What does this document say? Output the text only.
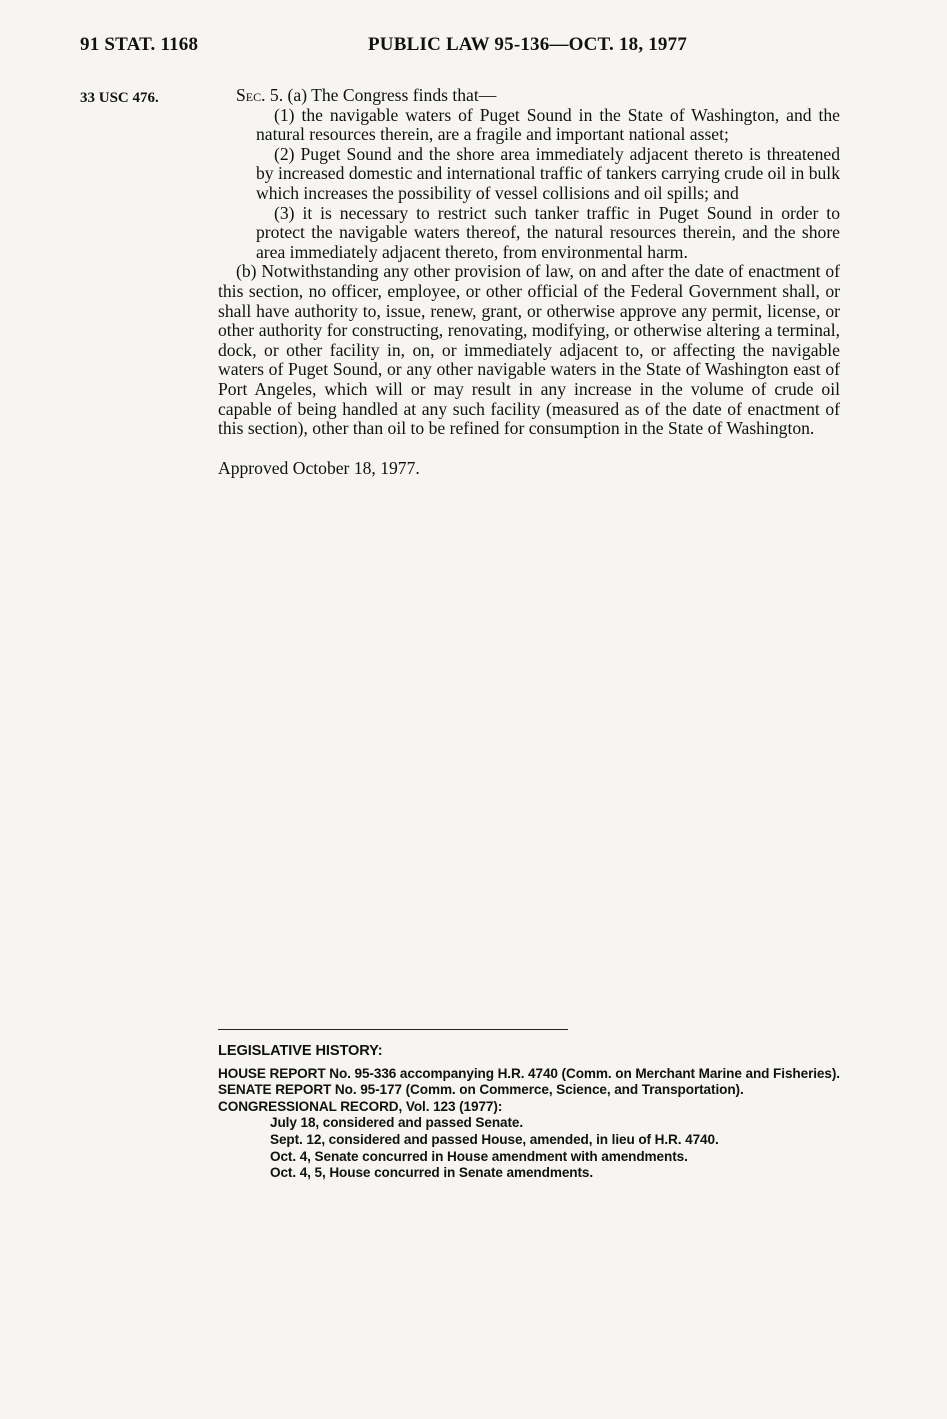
91 STAT. 1168	PUBLIC LAW 95-136—OCT. 18, 1977
33 USC 476.	Sec. 5. (a) The Congress finds that—

(1) the navigable waters of Puget Sound in the State of Washington, and the natural resources therein, are a fragile and important national asset;

(2) Puget Sound and the shore area immediately adjacent thereto is threatened by increased domestic and international traffic of tankers carrying crude oil in bulk which increases the possibility of vessel collisions and oil spills; and

(3) it is necessary to restrict such tanker traffic in Puget Sound in order to protect the navigable waters thereof, the natural resources therein, and the shore area immediately adjacent thereto, from environmental harm.

(b) Notwithstanding any other provision of law, on and after the date of enactment of this section, no officer, employee, or other official of the Federal Government shall, or shall have authority to, issue, renew, grant, or otherwise approve any permit, license, or other authority for constructing, renovating, modifying, or otherwise altering a terminal, dock, or other facility in, on, or immediately adjacent to, or affecting the navigable waters of Puget Sound, or any other navigable waters in the State of Washington east of Port Angeles, which will or may result in any increase in the volume of crude oil capable of being handled at any such facility (measured as of the date of enactment of this section), other than oil to be refined for consumption in the State of Washington.

Approved October 18, 1977.

LEGISLATIVE HISTORY:
HOUSE REPORT No. 95-336 accompanying H.R. 4740 (Comm. on Merchant Marine and Fisheries).
SENATE REPORT No. 95-177 (Comm. on Commerce, Science, and Transportation).
CONGRESSIONAL RECORD, Vol. 123 (1977):
July 18, considered and passed Senate.
Sept. 12, considered and passed House, amended, in lieu of H.R. 4740.
Oct. 4, Senate concurred in House amendment with amendments.
Oct. 4, 5, House concurred in Senate amendments.
